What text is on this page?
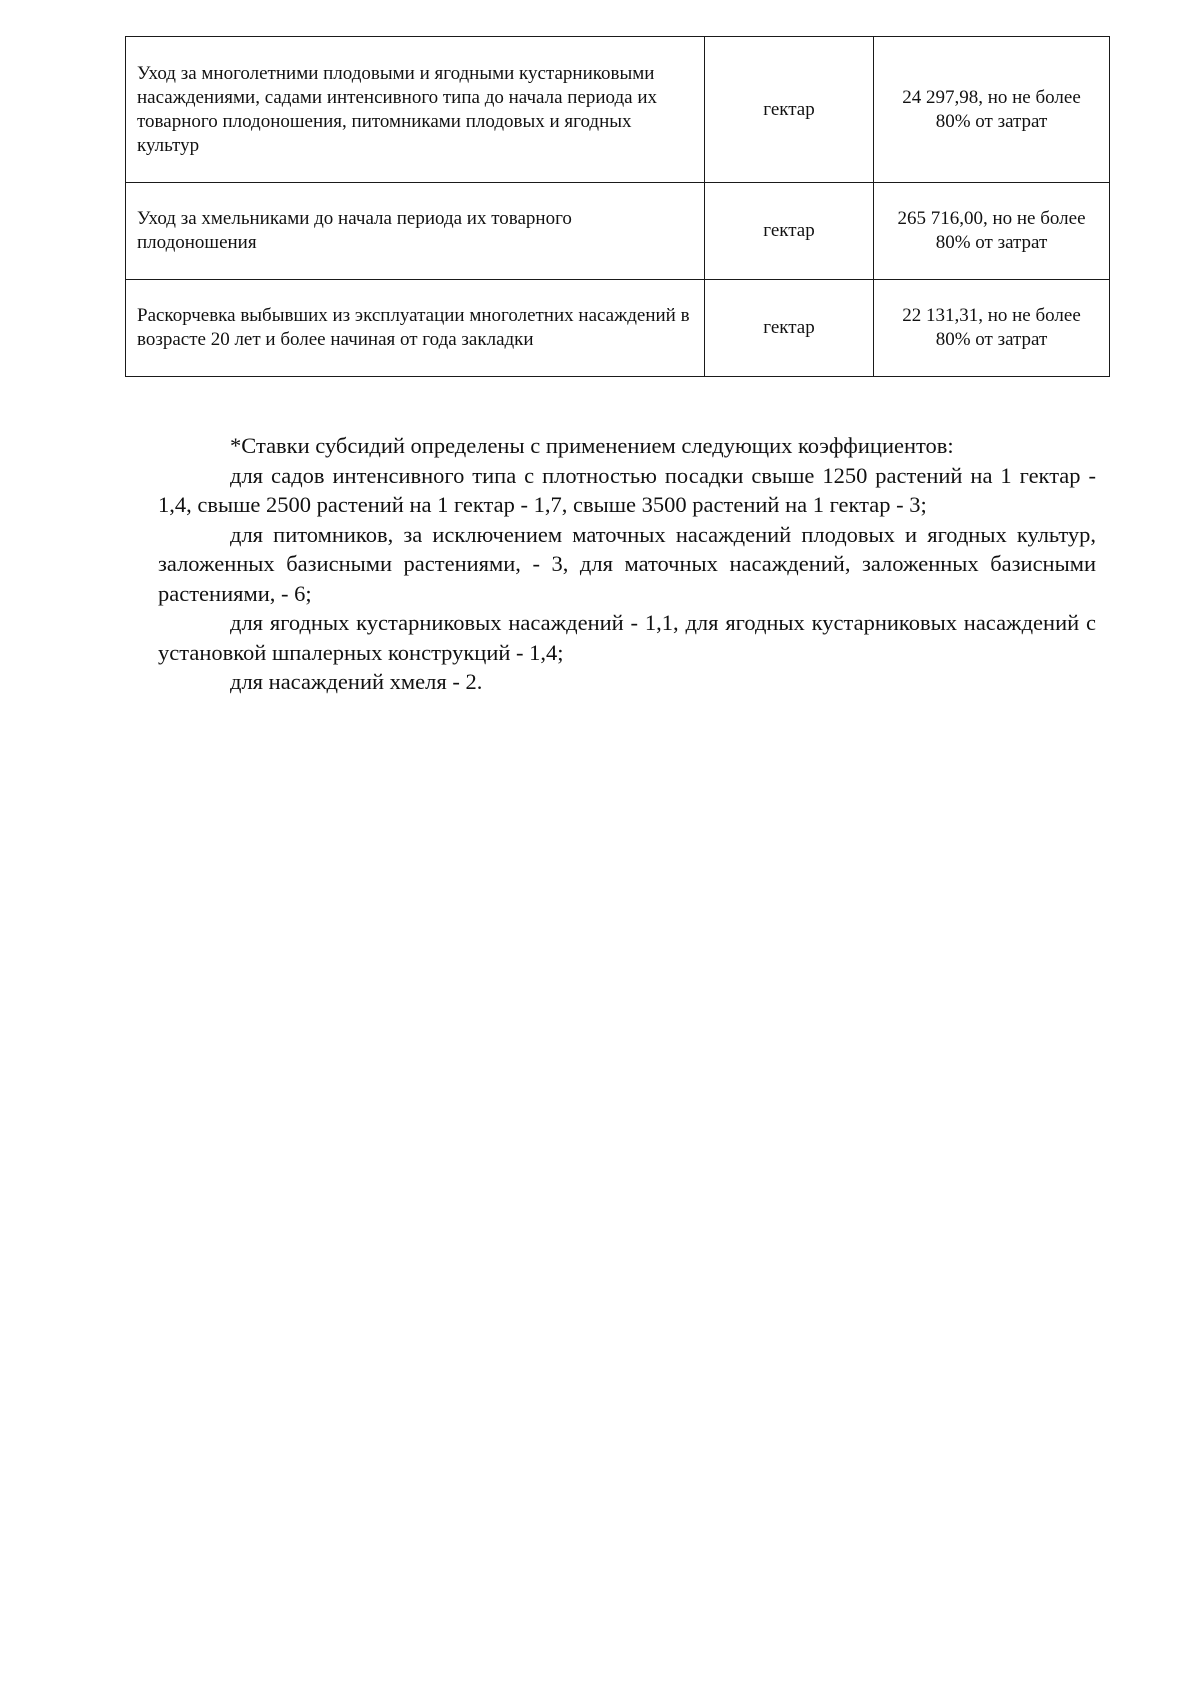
Уход за многолетними плодовыми и ягодными кустарниковыми насаждениями, садами интенсивного типа до начала периода их товарного плодоношения, питомниками плодовых и ягодных культур	гектар	24 297,98, но не более
80% от затрат
Уход за хмельниками до начала периода их товарного плодоношения	гектар	265 716,00, но не более
80% от затрат
Раскорчевка выбывших из эксплуатации многолетних насаждений в возрасте 20 лет и более начиная от года закладки	гектар	22 131,31, но не более
80% от затрат

*Ставки субсидий определены с применением следующих коэффициентов:

для садов интенсивного типа с плотностью посадки свыше 1250 растений на 1 гектар - 1,4, свыше 2500 растений на 1 гектар - 1,7, свыше 3500 растений на 1 гектар - 3;

для питомников, за исключением маточных насаждений плодовых и ягодных культур, заложенных базисными растениями, - 3, для маточных насаждений, заложенных базисными растениями, - 6;

для ягодных кустарниковых насаждений - 1,1, для ягодных кустарниковых насаждений с установкой шпалерных конструкций - 1,4;

для насаждений хмеля - 2.
